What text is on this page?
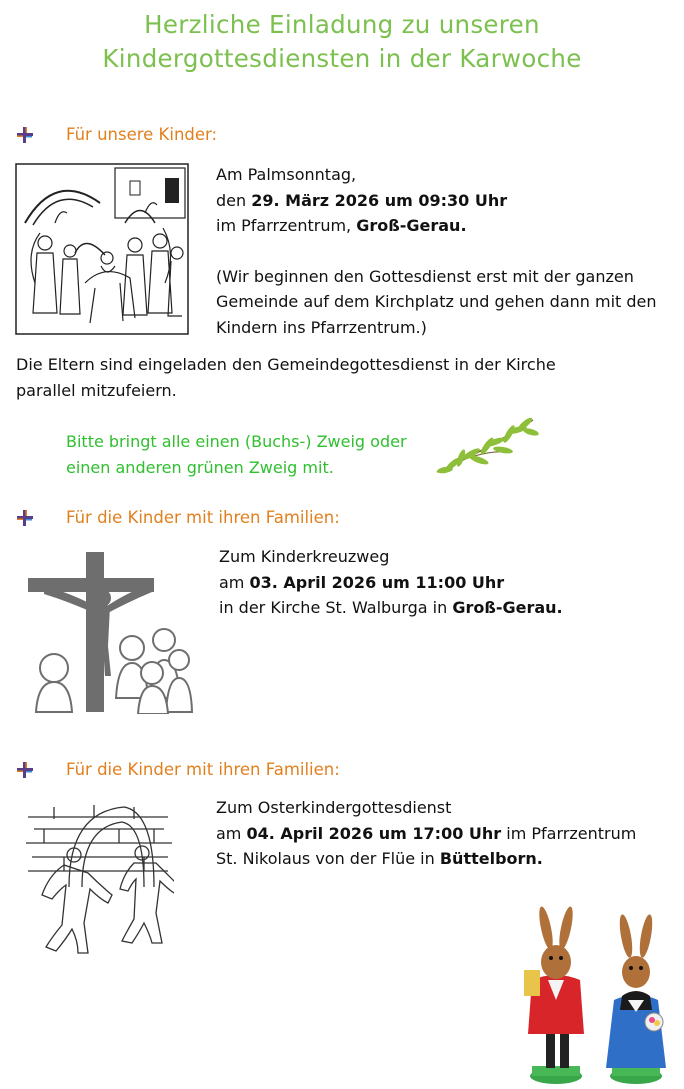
Herzliche Einladung zu unseren
Kindergottesdiensten in der Karwoche
Für unsere Kinder:
Am Palmsonntag,
den 29. März 2026 um 09:30 Uhr
im Pfarrzentrum, Groß-Gerau.
(Wir beginnen den Gottesdienst erst mit der ganzen
Gemeinde auf dem Kirchplatz und gehen dann mit den
Kindern ins Pfarrzentrum.)
Die Eltern sind eingeladen den Gemeindegottesdienst in der Kirche
parallel mitzufeiern.
Bitte bringt alle einen (Buchs-) Zweig oder
einen anderen grünen Zweig mit.
Für die Kinder mit ihren Familien:
Zum Kinderkreuzweg
am 03. April 2026 um 11:00 Uhr
in der Kirche St. Walburga in Groß-Gerau.
Für die Kinder mit ihren Familien:
Zum Osterkindergottesdienst
am 04. April 2026 um 17:00 Uhr im Pfarrzentrum
St. Nikolaus von der Flüe in Büttelborn.
